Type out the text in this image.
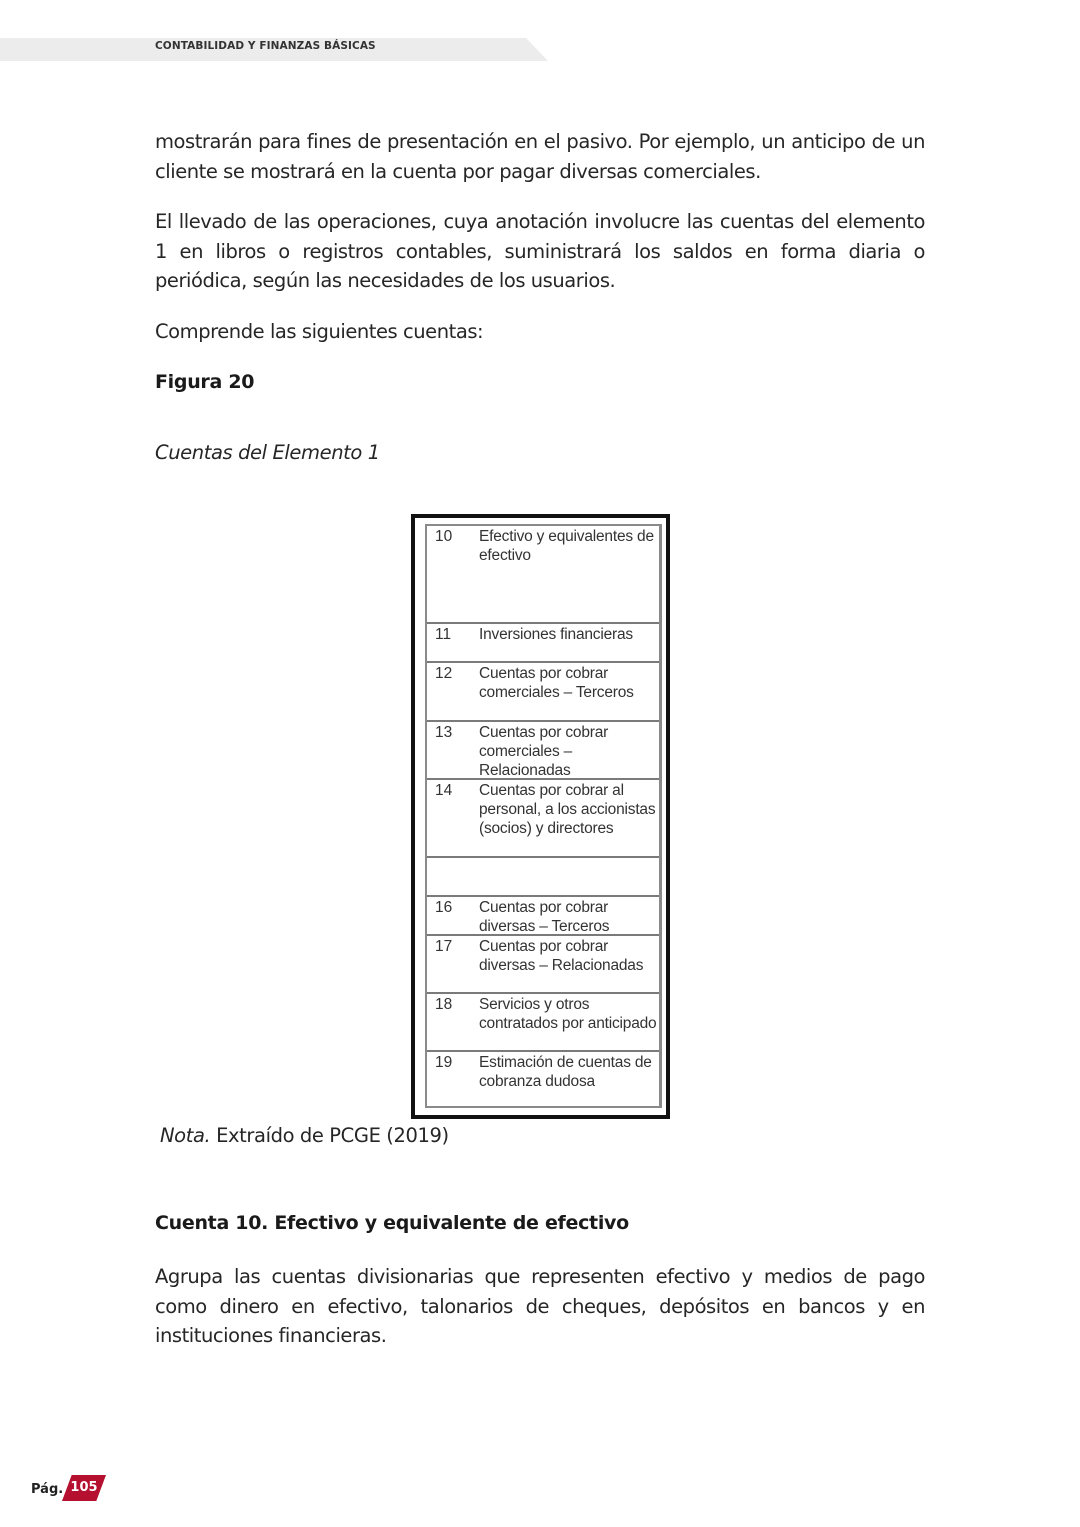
CONTABILIDAD Y FINANZAS BÁSICAS

mostrarán para fines de presentación en el pasivo. Por ejemplo, un anticipo de un cliente se mostrará en la cuenta por pagar diversas comerciales.

El llevado de las operaciones, cuya anotación involucre las cuentas del elemento 1 en libros o registros contables, suministrará los saldos en forma diaria o periódica, según las necesidades de los usuarios.

Comprende las siguientes cuentas:

Figura 20

Cuentas del Elemento 1

10 Efectivo y equivalentes de efectivo
11 Inversiones financieras
12 Cuentas por cobrar comerciales – Terceros
13 Cuentas por cobrar comerciales – Relacionadas
14 Cuentas por cobrar al personal, a los accionistas (socios) y directores
16 Cuentas por cobrar diversas – Terceros
17 Cuentas por cobrar diversas – Relacionadas
18 Servicios y otros contratados por anticipado
19 Estimación de cuentas de cobranza dudosa

Nota. Extraído de PCGE (2019)

Cuenta 10. Efectivo y equivalente de efectivo

Agrupa las cuentas divisionarias que representen efectivo y medios de pago como dinero en efectivo, talonarios de cheques, depósitos en bancos y en instituciones financieras.

Pág. 105
